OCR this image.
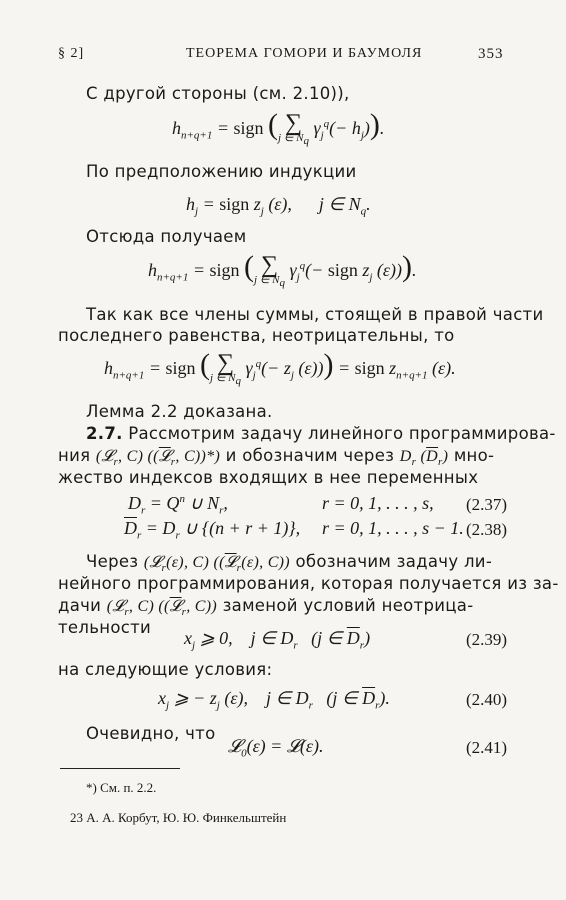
§ 2]	ТЕОРЕМА ГОМОРИ И БАУМОЛЯ	353
С другой стороны (см. 2.10)),
$h_{n+q+1}$ = sign ( ∑
j ∈ $N_q$
$\gamma_j^q(- h_j)$).
По предположению индукции
$h_j$ = sign $z_j$ (ε),      j ∈ $N_q$.
Отсюда получаем
$h_{n+q+1}$ = sign ( ∑
j ∈ $N_q$
$\gamma_j^q(-$ sign $z_j$ (ε))).
Так как все члены суммы, стоящей в правой части
последнего равенства, неотрицательны, то
$h_{n+q+1}$ = sign ( ∑
j ∈ $N_q$
$\gamma_j^q(- z_j$ (ε))) = sign $z_{n+q+1}$ (ε).
Лемма 2.2 доказана.
2.7. Рассмотрим задачу линейного программирова-
ния (𝓛$_r$, C) ((𝓛$_r$, C))*) и обозначим через $D_r$ $(\overline{D}_r)$ мно-
жество индексов входящих в нее переменных
$D_r = Q^n$ ∪ $N_r$,	r = 0, 1, . . . , s, (2.37)
$\overline{D}_r = D_r$ ∪ {(n + r + 1)}, r = 0, 1, . . . , s − 1. (2.38)
Через (𝓛$_r$(ε), C) ((𝓛$_r$(ε), C)) обозначим задачу ли-
нейного программирования, которая получается из за-
дачи (𝓛$_r$, C) ((𝓛$_r$, C)) заменой условий неотрица-
тельности
$x_j$ ⩾ 0,    j ∈ $D_r$   (j ∈ $\overline{D}_r$)	(2.39)
на следующие условия:
$x_j$ ⩾ − $z_j$ (ε),    j ∈ $D_r$   (j ∈ $\overline{D}_r$).	(2.40)
Очевидно, что
𝓛$_0$(ε) = 𝓛(ε).	(2.41)
*) См. п. 2.2.
23 А. А. Корбут, Ю. Ю. Финкельштейн
